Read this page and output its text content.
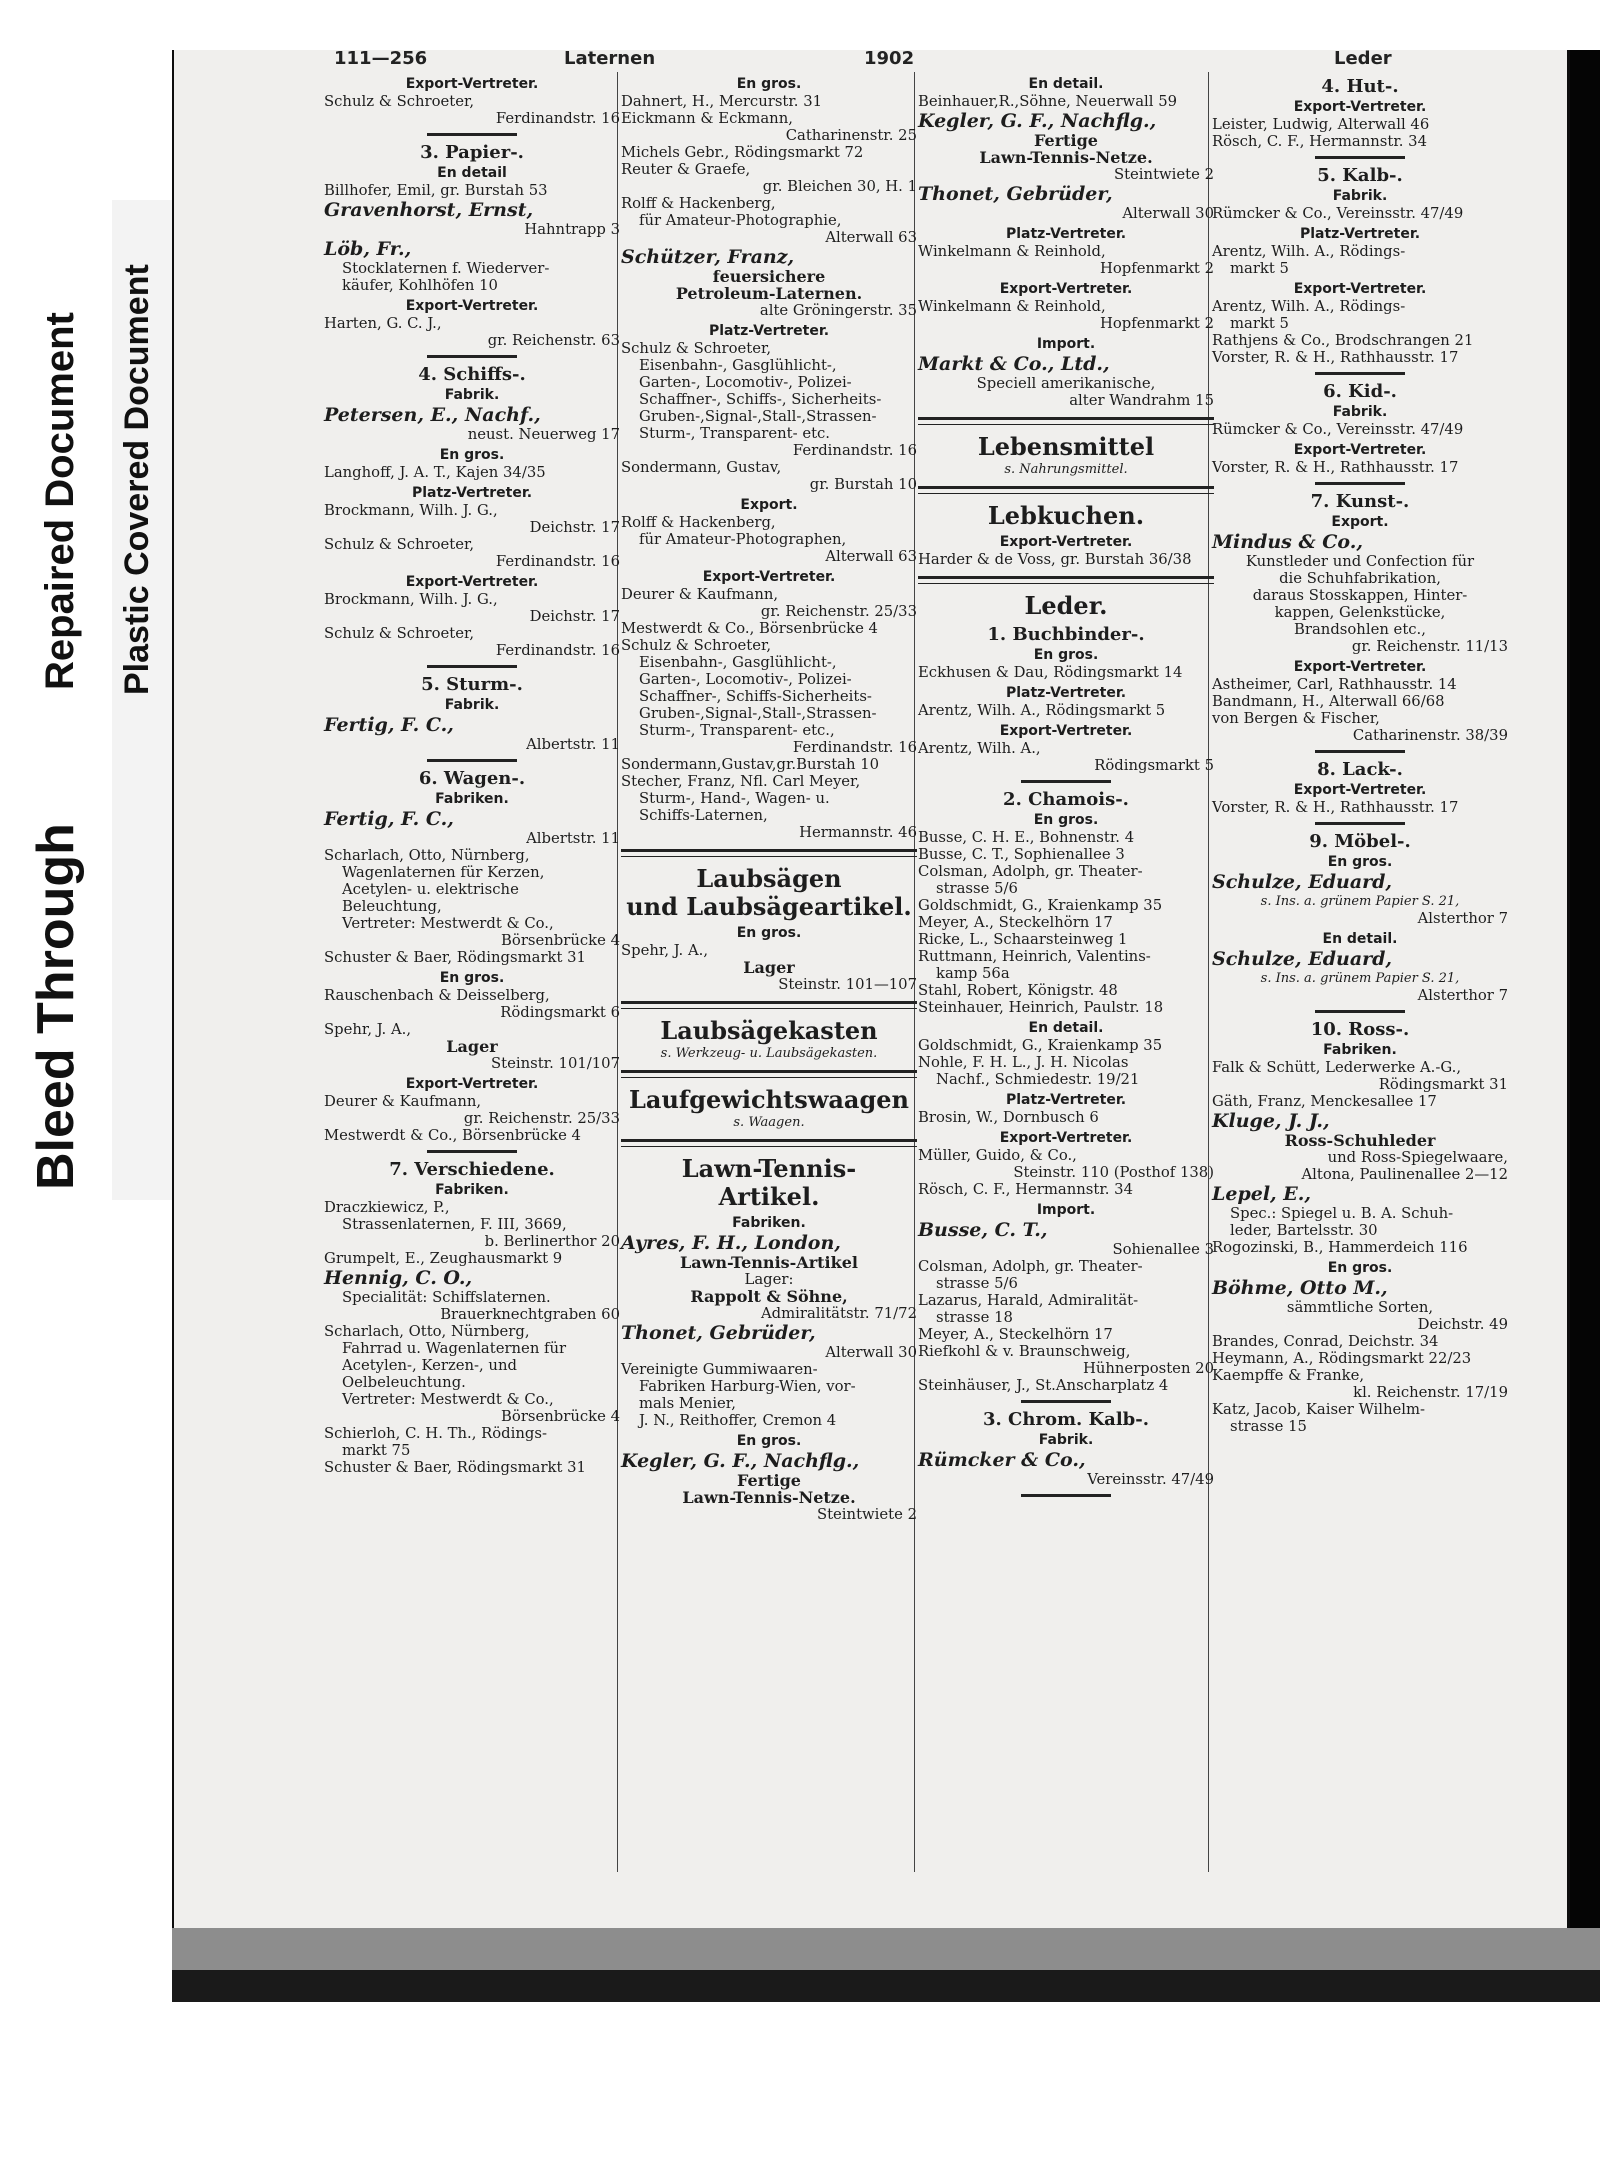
Bleed Through
Repaired Document Plastic Covered Document
111—256	Laternen	1902	Leder
Export-Vertreter.
Schulz & Schroeter,
Ferdinandstr. 16
3. Papier-.
En detail
Billhofer, Emil, gr. Burstah 53
Gravenhorst, Ernst,
Hahntrapp 3
Löb, Fr.,
Stocklaternen f. Wiederver-
käufer, Kohlhöfen 10
Export-Vertreter.
Harten, G. C. J.,
gr. Reichenstr. 63
4. Schiffs-.
Fabrik.
Petersen, E., Nachf.,
neust. Neuerweg 17
En gros.
Langhoff, J. A. T., Kajen 34/35
Platz-Vertreter.
Brockmann, Wilh. J. G.,
Deichstr. 17
Schulz & Schroeter,
Ferdinandstr. 16
Export-Vertreter.
Brockmann, Wilh. J. G.,
Deichstr. 17
Schulz & Schroeter,
Ferdinandstr. 16
5. Sturm-.
Fabrik.
Fertig, F. C.,
Albertstr. 11
6. Wagen-.
Fabriken.
Fertig, F. C.,
Albertstr. 11
Scharlach, Otto, Nürnberg,
Wagenlaternen für Kerzen,
Acetylen- u. elektrische
Beleuchtung,
Vertreter: Mestwerdt & Co.,
Börsenbrücke 4
Schuster & Baer, Rödingsmarkt 31
En gros.
Rauschenbach & Deisselberg,
Rödingsmarkt 6
Spehr, J. A.,
Lager
Steinstr. 101/107
Export-Vertreter.
Deurer & Kaufmann,
gr. Reichenstr. 25/33
Mestwerdt & Co., Börsenbrücke 4
7. Verschiedene.
Fabriken.
Draczkiewicz, P.,
Strassenlaternen, F. III, 3669,
b. Berlinerthor 20
Grumpelt, E., Zeughausmarkt 9
Hennig, C. O.,
Specialität: Schiffslaternen.
Brauerknechtgraben 60
Scharlach, Otto, Nürnberg,
Fahrrad u. Wagenlaternen für
Acetylen-, Kerzen-, und
Oelbeleuchtung.
Vertreter: Mestwerdt & Co.,
Börsenbrücke 4
Schierloh, C. H. Th., Rödings-
markt 75
Schuster & Baer, Rödingsmarkt 31
En gros.
Dahnert, H., Mercurstr. 31
Eickmann & Eckmann,
Catharinenstr. 25
Michels Gebr., Rödingsmarkt 72
Reuter & Graefe,
gr. Bleichen 30, H. 1
Rolff & Hackenberg,
für Amateur-Photographie,
Alterwall 63
Schützer, Franz,
feuersichere
Petroleum-Laternen.
alte Gröningerstr. 35
Platz-Vertreter.
Schulz & Schroeter,
Eisenbahn-, Gasglühlicht-,
Garten-, Locomotiv-, Polizei-
Schaffner-, Schiffs-, Sicherheits-
Gruben-,Signal-,Stall-,Strassen-
Sturm-, Transparent- etc.
Ferdinandstr. 16
Sondermann, Gustav,
gr. Burstah 10
Export.
Rolff & Hackenberg,
für Amateur-Photographen,
Alterwall 63
Export-Vertreter.
Deurer & Kaufmann,
gr. Reichenstr. 25/33
Mestwerdt & Co., Börsenbrücke 4
Schulz & Schroeter,
Eisenbahn-, Gasglühlicht-,
Garten-, Locomotiv-, Polizei-
Schaffner-, Schiffs-Sicherheits-
Gruben-,Signal-,Stall-,Strassen-
Sturm-, Transparent- etc.,
Ferdinandstr. 16
Sondermann,Gustav,gr.Burstah 10
Stecher, Franz, Nfl. Carl Meyer,
Sturm-, Hand-, Wagen- u.
Schiffs-Laternen,
Hermannstr. 46
Laubsägen
und Laubsägeartikel.
En gros.
Spehr, J. A.,
Lager
Steinstr. 101—107
Laubsägekasten
s. Werkzeug- u. Laubsägekasten.
Laufgewichtswaagen
s. Waagen.
Lawn-Tennis-
Artikel.
Fabriken.
Ayres, F. H., London,
Lawn-Tennis-Artikel
Lager:
Rappolt & Söhne,
Admiralitätstr. 71/72
Thonet, Gebrüder,
Alterwall 30
Vereinigte Gummiwaaren-
Fabriken Harburg-Wien, vor-
mals Menier,
J. N., Reithoffer, Cremon 4
En gros.
Kegler, G. F., Nachflg.,
Fertige
Lawn-Tennis-Netze.
Steintwiete 2
En detail.
Beinhauer,R.,Söhne, Neuerwall 59
Kegler, G. F., Nachflg.,
Fertige
Lawn-Tennis-Netze.
Steintwiete 2
Thonet, Gebrüder,
Alterwall 30
Platz-Vertreter.
Winkelmann & Reinhold,
Hopfenmarkt 2
Export-Vertreter.
Winkelmann & Reinhold,
Hopfenmarkt 2
Import.
Markt & Co., Ltd.,
Speciell amerikanische,
alter Wandrahm 15
Lebensmittel
s. Nahrungsmittel.
Lebkuchen.
Export-Vertreter.
Harder & de Voss, gr. Burstah 36/38
Leder.
1. Buchbinder-.
En gros.
Eckhusen & Dau, Rödingsmarkt 14
Platz-Vertreter.
Arentz, Wilh. A., Rödingsmarkt 5
Export-Vertreter.
Arentz, Wilh. A.,
Rödingsmarkt 5
2. Chamois-.
En gros.
Busse, C. H. E., Bohnenstr. 4
Busse, C. T., Sophienallee 3
Colsman, Adolph, gr. Theater-
strasse 5/6
Goldschmidt, G., Kraienkamp 35
Meyer, A., Steckelhörn 17
Ricke, L., Schaarsteinweg 1
Ruttmann, Heinrich, Valentins-
kamp 56a
Stahl, Robert, Königstr. 48
Steinhauer, Heinrich, Paulstr. 18
En detail.
Goldschmidt, G., Kraienkamp 35
Nohle, F. H. L., J. H. Nicolas
Nachf., Schmiedestr. 19/21
Platz-Vertreter.
Brosin, W., Dornbusch 6
Export-Vertreter.
Müller, Guido, & Co.,
Steinstr. 110 (Posthof 138)
Rösch, C. F., Hermannstr. 34
Import.
Busse, C. T.,
Sohienallee 3
Colsman, Adolph, gr. Theater-
strasse 5/6
Lazarus, Harald, Admiralität-
strasse 18
Meyer, A., Steckelhörn 17
Riefkohl & v. Braunschweig,
Hühnerposten 20
Steinhäuser, J., St.Anscharplatz 4
3. Chrom. Kalb-.
Fabrik.
Rümcker & Co.,
Vereinsstr. 47/49
4. Hut-.
Export-Vertreter.
Leister, Ludwig, Alterwall 46
Rösch, C. F., Hermannstr. 34
5. Kalb-.
Fabrik.
Rümcker & Co., Vereinsstr. 47/49
Platz-Vertreter.
Arentz, Wilh. A., Rödings-
markt 5
Export-Vertreter.
Arentz, Wilh. A., Rödings-
markt 5
Rathjens & Co., Brodschrangen 21
Vorster, R. & H., Rathhausstr. 17
6. Kid-.
Fabrik.
Rümcker & Co., Vereinsstr. 47/49
Export-Vertreter.
Vorster, R. & H., Rathhausstr. 17
7. Kunst-.
Export.
Mindus & Co.,
Kunstleder und Confection für
die Schuhfabrikation,
daraus Stosskappen, Hinter-
kappen, Gelenkstücke,
Brandsohlen etc.,
gr. Reichenstr. 11/13
Export-Vertreter.
Astheimer, Carl, Rathhausstr. 14
Bandmann, H., Alterwall 66/68
von Bergen & Fischer,
Catharinenstr. 38/39
8. Lack-.
Export-Vertreter.
Vorster, R. & H., Rathhausstr. 17
9. Möbel-.
En gros.
Schulze, Eduard,
s. Ins. a. grünem Papier S. 21,
Alsterthor 7
En detail.
Schulze, Eduard,
s. Ins. a. grünem Papier S. 21,
Alsterthor 7
10. Ross-.
Fabriken.
Falk & Schütt, Lederwerke A.-G.,
Rödingsmarkt 31
Gäth, Franz, Menckesallee 17
Kluge, J. J.,
Ross-Schuhleder
und Ross-Spiegelwaare,
Altona, Paulinenallee 2—12
Lepel, E.,
Spec.: Spiegel u. B. A. Schuh-
leder, Bartelsstr. 30
Rogozinski, B., Hammerdeich 116
En gros.
Böhme, Otto M.,
sämmtliche Sorten,
Deichstr. 49
Brandes, Conrad, Deichstr. 34
Heymann, A., Rödingsmarkt 22/23
Kaempffe & Franke,
kl. Reichenstr. 17/19
Katz, Jacob, Kaiser Wilhelm-
strasse 15
